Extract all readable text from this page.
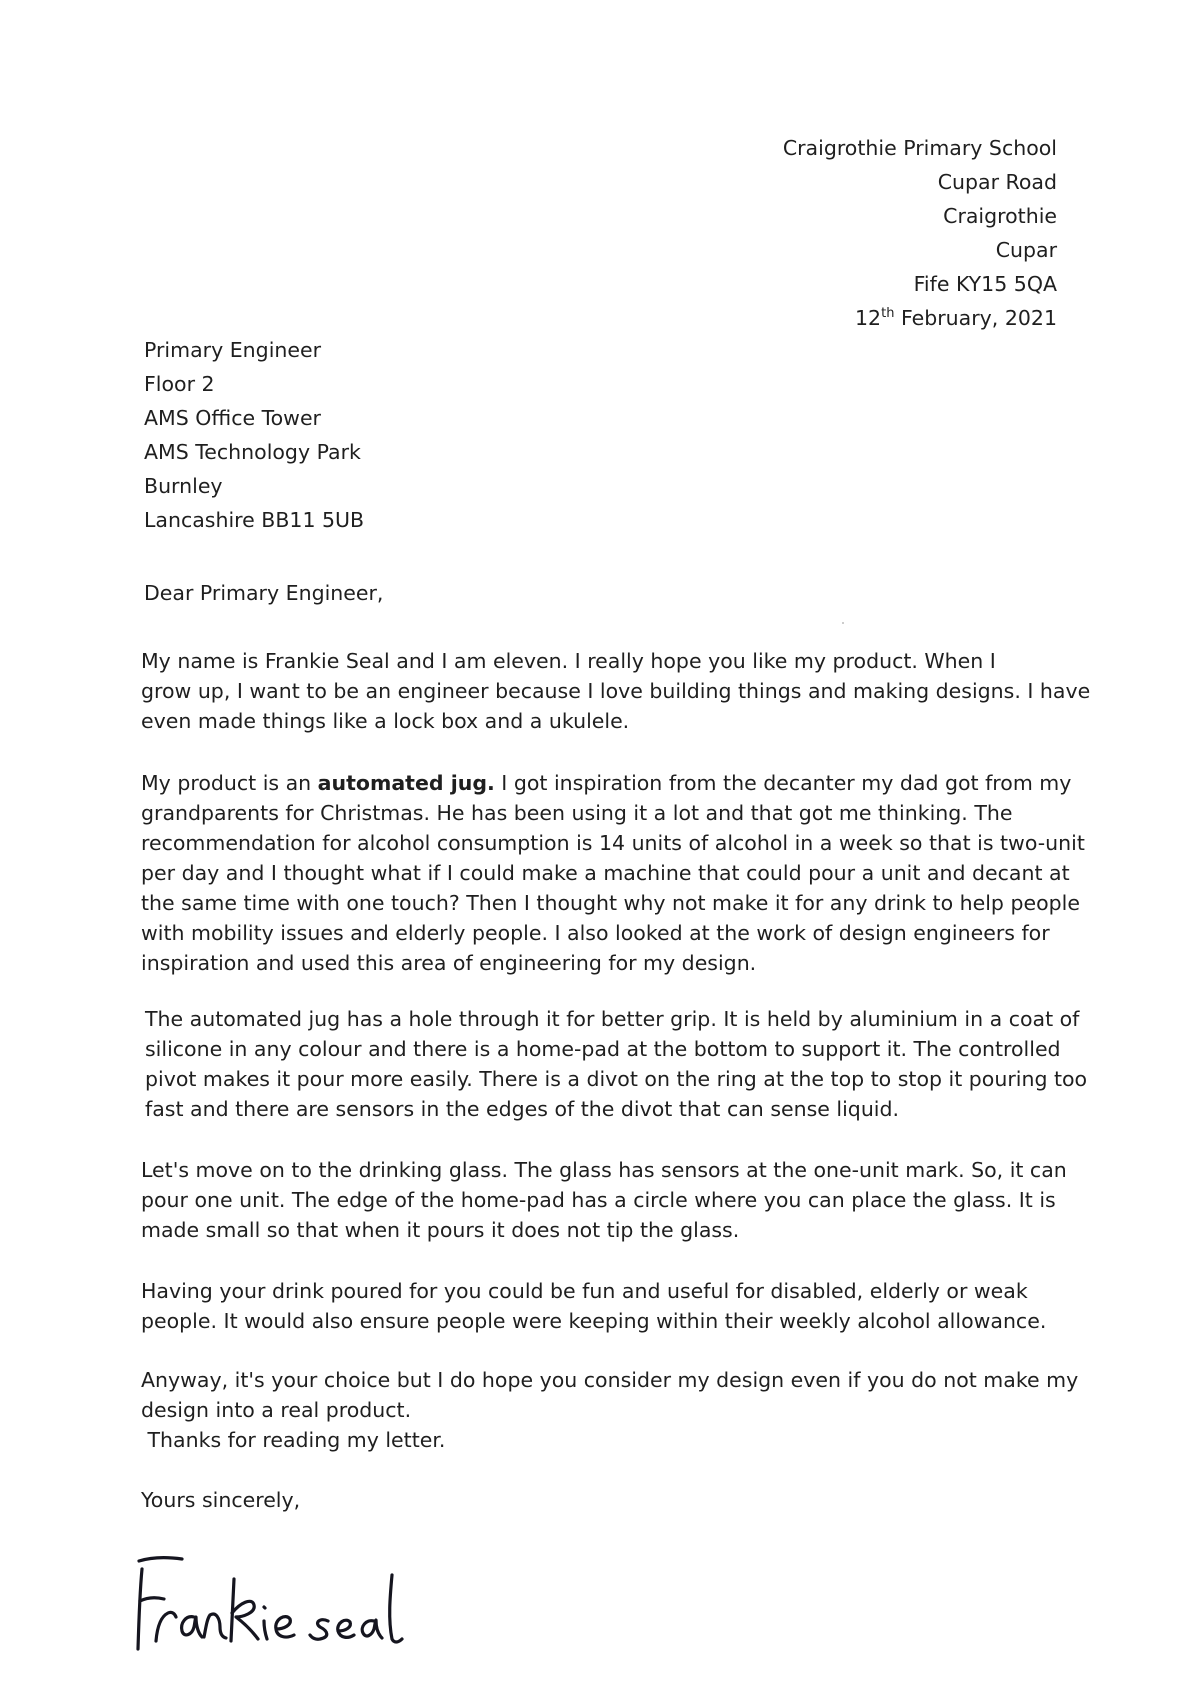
Craigrothie Primary School
Cupar Road
Craigrothie
Cupar
Fife KY15 5QA
12th February, 2021
Primary Engineer
Floor 2
AMS Office Tower
AMS Technology Park
Burnley
Lancashire BB11 5UB
Dear Primary Engineer,
My name is Frankie Seal and I am eleven. I really hope you like my product. When I
grow up, I want to be an engineer because I love building things and making designs. I have
even made things like a lock box and a ukulele.
My product is an automated jug. I got inspiration from the decanter my dad got from my
grandparents for Christmas. He has been using it a lot and that got me thinking. The
recommendation for alcohol consumption is 14 units of alcohol in a week so that is two-unit
per day and I thought what if I could make a machine that could pour a unit and decant at
the same time with one touch? Then I thought why not make it for any drink to help people
with mobility issues and elderly people. I also looked at the work of design engineers for
inspiration and used this area of engineering for my design.
The automated jug has a hole through it for better grip. It is held by aluminium in a coat of
silicone in any colour and there is a home-pad at the bottom to support it. The controlled
pivot makes it pour more easily. There is a divot on the ring at the top to stop it pouring too
fast and there are sensors in the edges of the divot that can sense liquid.
Let's move on to the drinking glass. The glass has sensors at the one-unit mark. So, it can
pour one unit. The edge of the home-pad has a circle where you can place the glass. It is
made small so that when it pours it does not tip the glass.
Having your drink poured for you could be fun and useful for disabled, elderly or weak
people. It would also ensure people were keeping within their weekly alcohol allowance.
Anyway, it's your choice but I do hope you consider my design even if you do not make my
design into a real product.
Thanks for reading my letter.
Yours sincerely,
